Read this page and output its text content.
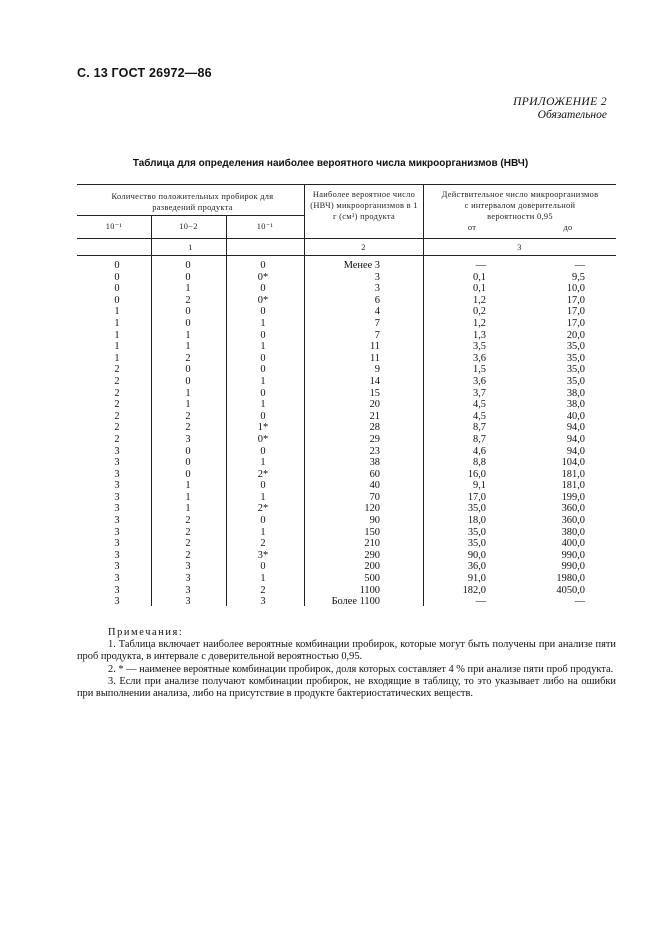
С. 13 ГОСТ 26972—86
ПРИЛОЖЕНИЕ 2
Обязательное
Таблица для определения наиболее вероятного числа микроорганизмов (НВЧ)
Количество положительных пробирок для разведений продукта
10⁻¹	10−2	10⁻¹
Наиболее вероятное число (НВЧ) микроорганизмов в 1 г (см³) продукта
Действительное число микроорганизмов с интервалом доверительной вероятности 0,95
от	до
1	2	3
0	0	0	Менее 3	—	—
0	0	0*	3	0,1	9,5
0	1	0	3	0,1	10,0
0	2	0*	6	1,2	17,0
1	0	0	4	0,2	17,0
1	0	1	7	1,2	17,0
1	1	0	7	1,3	20,0
1	1	1	11	3,5	35,0
1	2	0	11	3,6	35,0
2	0	0	9	1,5	35,0
2	0	1	14	3,6	35,0
2	1	0	15	3,7	38,0
2	1	1	20	4,5	38,0
2	2	0	21	4,5	40,0
2	2	1*	28	8,7	94,0
2	3	0*	29	8,7	94,0
3	0	0	23	4,6	94,0
3	0	1	38	8,8	104,0
3	0	2*	60	16,0	181,0
3	1	0	40	9,1	181,0
3	1	1	70	17,0	199,0
3	1	2*	120	35,0	360,0
3	2	0	90	18,0	360,0
3	2	1	150	35,0	380,0
3	2	2	210	35,0	400,0
3	2	3*	290	90,0	990,0
3	3	0	200	36,0	990,0
3	3	1	500	91,0	1980,0
3	3	2	1100	182,0	4050,0
3	3	3	Более 1100	—	—
Примечания:

1. Таблица включает наиболее вероятные комбинации пробирок, которые могут быть получены при анализе пяти проб продукта, в интервале с доверительной вероятностью 0,95.

2. * — наименее вероятные комбинации пробирок, доля которых составляет 4 % при анализе пяти проб продукта.

3. Если при анализе получают комбинации пробирок, не входящие в таблицу, то это указывает либо на ошибки при выполнении анализа, либо на присутствие в продукте бактериостатических веществ.
